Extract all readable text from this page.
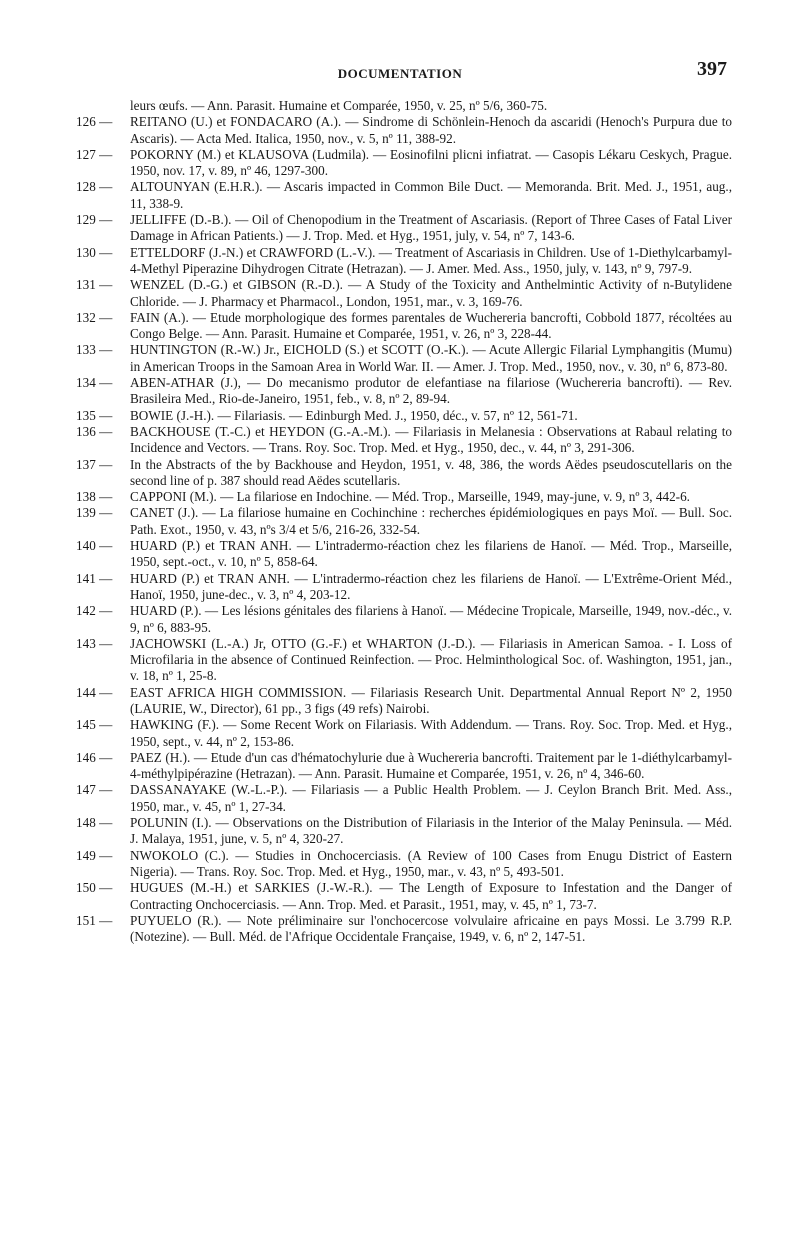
DOCUMENTATION	397
leurs œufs. — Ann. Parasit. Humaine et Comparée, 1950, v. 25, nº 5/6, 360-75.
126 —	REITANO (U.) et FONDACARO (A.). — Sindrome di Schönlein-Henoch da ascaridi (Henoch's Purpura due to Ascaris). — Acta Med. Italica, 1950, nov., v. 5, nº 11, 388-92.
127 —	POKORNY (M.) et KLAUSOVA (Ludmila). — Eosinofilni plicni infiatrat. — Casopis Lékaru Ceskych, Prague. 1950, nov. 17, v. 89, nº 46, 1297-300.
128 —	ALTOUNYAN (E.H.R.). — Ascaris impacted in Common Bile Duct. — Memoranda. Brit. Med. J., 1951, aug., 11, 338-9.
129 —	JELLIFFE (D.-B.). — Oil of Chenopodium in the Treatment of Ascariasis. (Report of Three Cases of Fatal Liver Damage in African Patients.) — J. Trop. Med. et Hyg., 1951, july, v. 54, nº 7, 143-6.
130 —	ETTELDORF (J.-N.) et CRAWFORD (L.-V.). — Treatment of Ascariasis in Children. Use of 1-Diethylcarbamyl-4-Methyl Piperazine Dihydrogen Citrate (Hetrazan). — J. Amer. Med. Ass., 1950, july, v. 143, nº 9, 797-9.
131 —	WENZEL (D.-G.) et GIBSON (R.-D.). — A Study of the Toxicity and Anthelmintic Activity of n-Butylidene Chloride. — J. Pharmacy et Pharmacol., London, 1951, mar., v. 3, 169-76.
132 —	FAIN (A.). — Etude morphologique des formes parentales de Wuchereria bancrofti, Cobbold 1877, récoltées au Congo Belge. — Ann. Parasit. Humaine et Comparée, 1951, v. 26, nº 3, 228-44.
133 —	HUNTINGTON (R.-W.) Jr., EICHOLD (S.) et SCOTT (O.-K.). — Acute Allergic Filarial Lymphangitis (Mumu) in American Troops in the Samoan Area in World War. II. — Amer. J. Trop. Med., 1950, nov., v. 30, nº 6, 873-80.
134 —	ABEN-ATHAR (J.), — Do mecanismo produtor de elefantiase na filariose (Wuchereria bancrofti). — Rev. Brasileira Med., Rio-de-Janeiro, 1951, feb., v. 8, nº 2, 89-94.
135 —	BOWIE (J.-H.). — Filariasis. — Edinburgh Med. J., 1950, déc., v. 57, nº 12, 561-71.
136 —	BACKHOUSE (T.-C.) et HEYDON (G.-A.-M.). — Filariasis in Melanesia : Observations at Rabaul relating to Incidence and Vectors. — Trans. Roy. Soc. Trop. Med. et Hyg., 1950, dec., v. 44, nº 3, 291-306.
137 —	In the Abstracts of the by Backhouse and Heydon, 1951, v. 48, 386, the words Aëdes pseudoscutellaris on the second line of p. 387 should read Aëdes scutellaris.
138 —	CAPPONI (M.). — La filariose en Indochine. — Méd. Trop., Marseille, 1949, may-june, v. 9, nº 3, 442-6.
139 —	CANET (J.). — La filariose humaine en Cochinchine : recherches épidémiologiques en pays Moï. — Bull. Soc. Path. Exot., 1950, v. 43, nºs 3/4 et 5/6, 216-26, 332-54.
140 —	HUARD (P.) et TRAN ANH. — L'intradermo-réaction chez les filariens de Hanoï. — Méd. Trop., Marseille, 1950, sept.-oct., v. 10, nº 5, 858-64.
141 —	HUARD (P.) et TRAN ANH. — L'intradermo-réaction chez les filariens de Hanoï. — L'Extrême-Orient Méd., Hanoï, 1950, june-dec., v. 3, nº 4, 203-12.
142 —	HUARD (P.). — Les lésions génitales des filariens à Hanoï. — Médecine Tropicale, Marseille, 1949, nov.-déc., v. 9, nº 6, 883-95.
143 —	JACHOWSKI (L.-A.) Jr, OTTO (G.-F.) et WHARTON (J.-D.). — Filariasis in American Samoa. - I. Loss of Microfilaria in the absence of Continued Reinfection. — Proc. Helminthological Soc. of. Washington, 1951, jan., v. 18, nº 1, 25-8.
144 —	EAST AFRICA HIGH COMMISSION. — Filariasis Research Unit. Departmental Annual Report Nº 2, 1950 (LAURIE, W., Director), 61 pp., 3 figs (49 refs) Nairobi.
145 —	HAWKING (F.). — Some Recent Work on Filariasis. With Addendum. — Trans. Roy. Soc. Trop. Med. et Hyg., 1950, sept., v. 44, nº 2, 153-86.
146 —	PAEZ (H.). — Etude d'un cas d'hématochylurie due à Wuchereria bancrofti. Traitement par le 1-diéthylcarbamyl-4-méthylpipérazine (Hetrazan). — Ann. Parasit. Humaine et Comparée, 1951, v. 26, nº 4, 346-60.
147 —	DASSANAYAKE (W.-L.-P.). — Filariasis — a Public Health Problem. — J. Ceylon Branch Brit. Med. Ass., 1950, mar., v. 45, nº 1, 27-34.
148 —	POLUNIN (I.). — Observations on the Distribution of Filariasis in the Interior of the Malay Peninsula. — Méd. J. Malaya, 1951, june, v. 5, nº 4, 320-27.
149 —	NWOKOLO (C.). — Studies in Onchocerciasis. (A Review of 100 Cases from Enugu District of Eastern Nigeria). — Trans. Roy. Soc. Trop. Med. et Hyg., 1950, mar., v. 43, nº 5, 493-501.
150 —	HUGUES (M.-H.) et SARKIES (J.-W.-R.). — The Length of Exposure to Infestation and the Danger of Contracting Onchocerciasis. — Ann. Trop. Med. et Parasit., 1951, may, v. 45, nº 1, 73-7.
151 —	PUYUELO (R.). — Note préliminaire sur l'onchocercose volvulaire africaine en pays Mossi. Le 3.799 R.P. (Notezine). — Bull. Méd. de l'Afrique Occidentale Française, 1949, v. 6, nº 2, 147-51.
